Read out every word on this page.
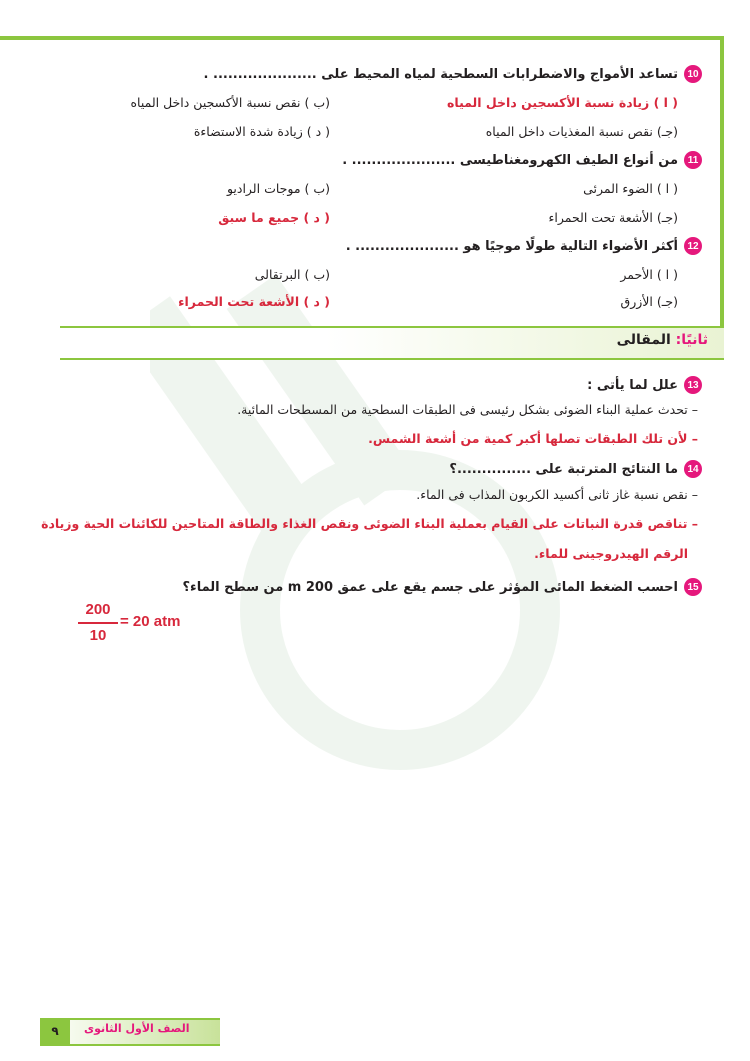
10
تساعد الأمواج والاضطرابات السطحية لمياه المحيط على ..................... .
( ا ) زيادة نسبة الأكسجين داخل المياه
(ب ) نقص نسبة الأكسجين داخل المياه
(جـ) نقص نسبة المغذيات داخل المياه
( د ) زيادة شدة الاستضاءة
11
من أنواع الطيف الكهرومغناطيسى ..................... .
( ا ) الضوء المرئى
(ب ) موجات الراديو
(جـ) الأشعة تحت الحمراء
( د ) جميع ما سبق
12
أكثر الأضواء التالية طولًا موجيًا هو ..................... .
( ا ) الأحمر
(ب ) البرتقالى
(جـ) الأزرق
( د ) الأشعة تحت الحمراء
ثانيًا: المقالى
13
علل لما يأتى :
– تحدث عملية البناء الضوئى بشكل رئيسى فى الطبقات السطحية من المسطحات المائية.
– لأن تلك الطبقات تصلها أكبر كمية من أشعة الشمس.
14
ما النتائج المترتبة على ...............؟
– نقص نسبة غاز ثانى أكسيد الكربون المذاب فى الماء.
– تناقص قدرة النباتات على القيام بعملية البناء الضوئى ونقص الغذاء والطاقة المتاحين للكائنات الحية وزيادة
الرقم الهيدروجينى للماء.
15
احسب الضغط المائى المؤثر على جسم يقع على عمق 200 m من سطح الماء؟
200
10
= 20 atm
الصف الأول الثانوى
٩
